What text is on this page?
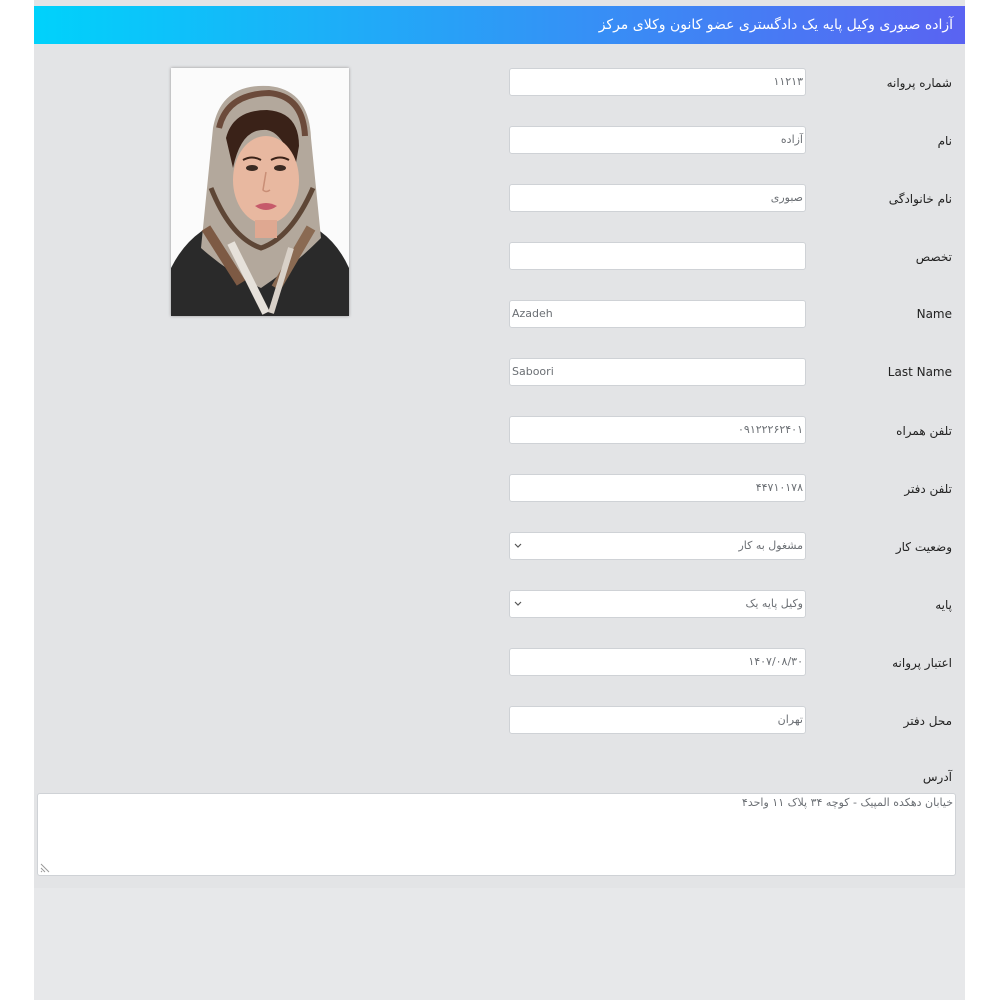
آزاده صبوری وکیل پایه یک دادگستری عضو کانون وکلای مرکز
شماره پروانه
۱۱۲۱۳
نام
آزاده
نام خانوادگی
صبوری
تخصص
Name
Azadeh
Last Name
Saboori
تلفن همراه
۰۹۱۲۲۲۶۲۴۰۱
تلفن دفتر
۴۴۷۱۰۱۷۸
وضعیت کار
مشغول به کار
پایه
وکیل پایه یک
اعتبار پروانه
۱۴۰۷/۰۸/۳۰
محل دفتر
تهران
آدرس
خیابان دهکده المپیک - کوچه ۳۴ پلاک ۱۱ واحد۴
